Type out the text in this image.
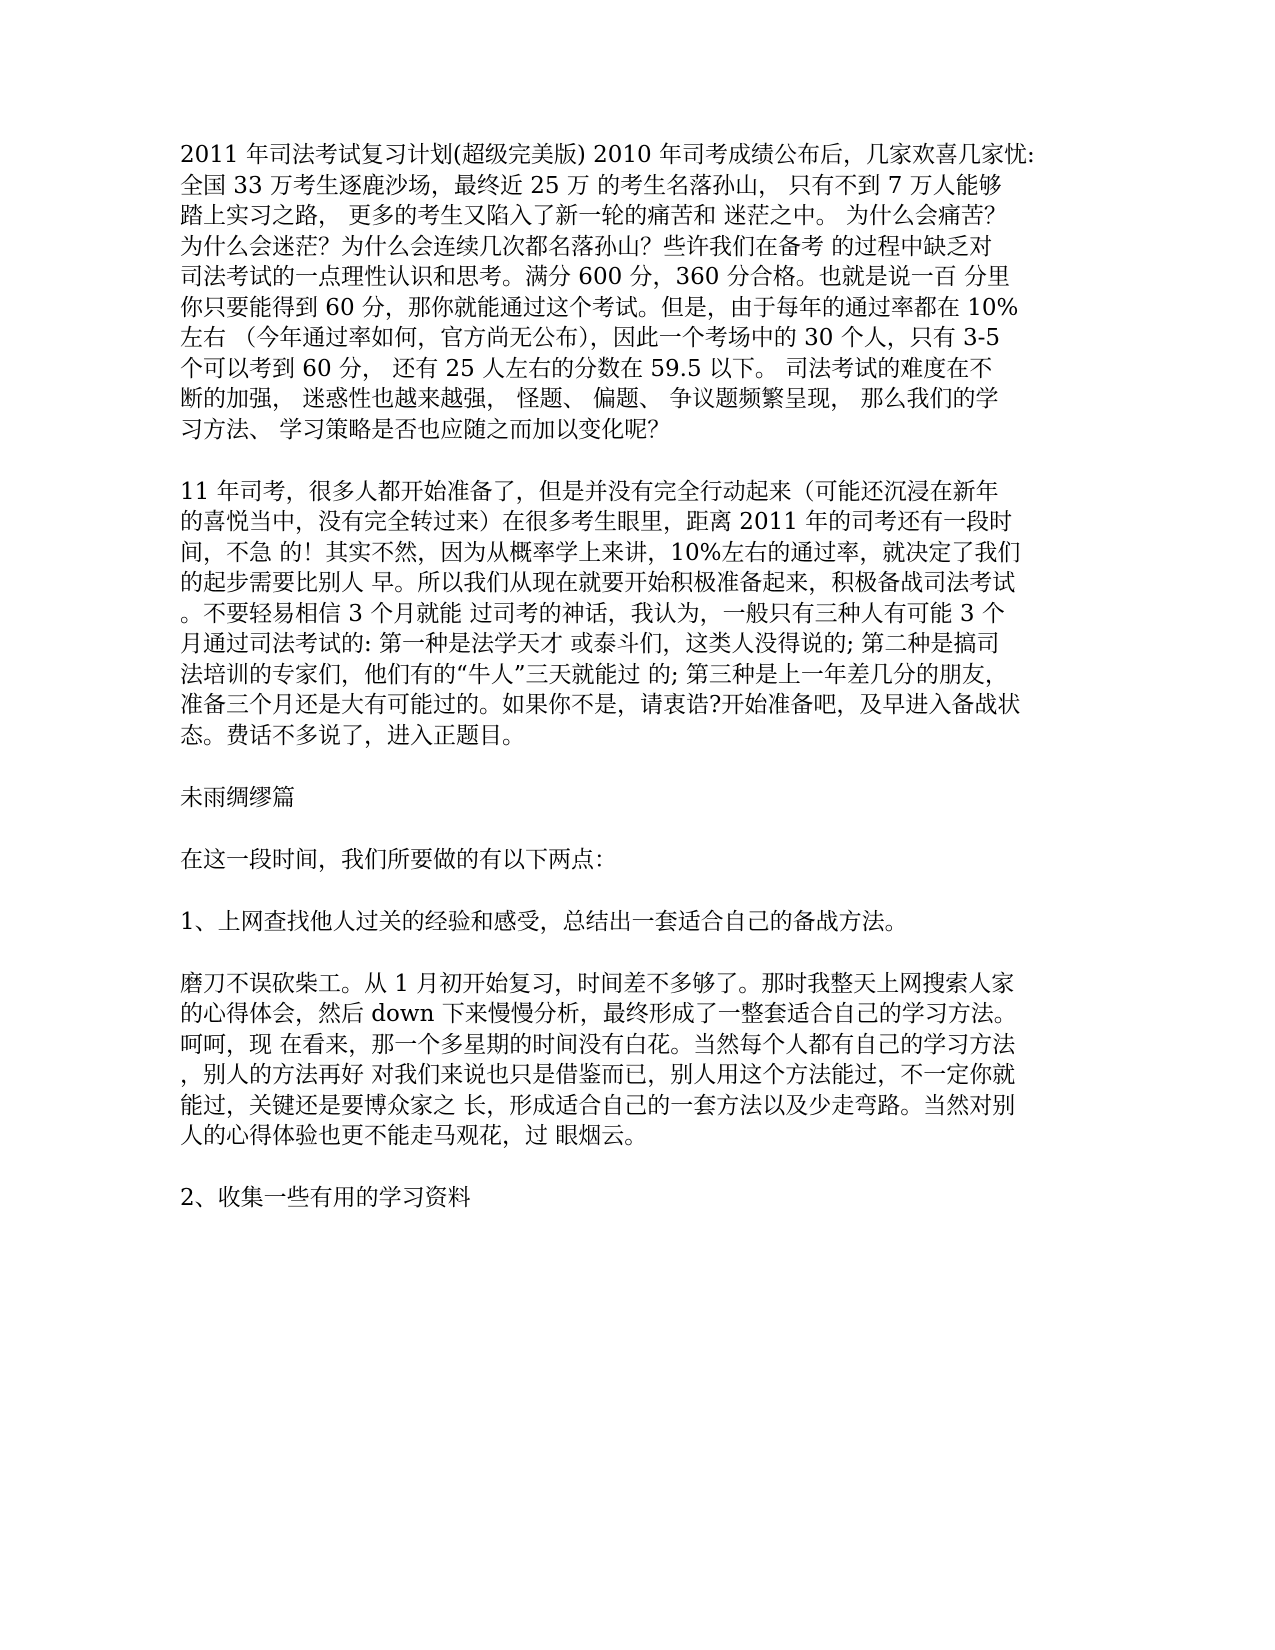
2011 年司法考试复习计划(超级完美版) 2010 年司考成绩公布后，几家欢喜几家忧:
全国 33 万考生逐鹿沙场，最终近 25 万 的考生名落孙山， 只有不到 7 万人能够
踏上实习之路， 更多的考生又陷入了新一轮的痛苦和 迷茫之中。 为什么会痛苦？
为什么会迷茫？为什么会连续几次都名落孙山？些许我们在备考 的过程中缺乏对
司法考试的一点理性认识和思考。满分 600 分，360 分合格。也就是说一百 分里
你只要能得到 60 分，那你就能通过这个考试。但是，由于每年的通过率都在 10%
左右 （今年通过率如何，官方尚无公布），因此一个考场中的 30 个人，只有 3-5
个可以考到 60 分， 还有 25 人左右的分数在 59.5 以下。 司法考试的难度在不
断的加强， 迷惑性也越来越强， 怪题、 偏题、 争议题频繁呈现， 那么我们的学
习方法、 学习策略是否也应随之而加以变化呢？
11 年司考，很多人都开始准备了，但是并没有完全行动起来（可能还沉浸在新年
的喜悦当中，没有完全转过来）在很多考生眼里，距离 2011 年的司考还有一段时
间，不急 的！其实不然，因为从概率学上来讲，10%左右的通过率，就决定了我们
的起步需要比别人 早。所以我们从现在就要开始积极准备起来，积极备战司法考试
。不要轻易相信 3 个月就能 过司考的神话，我认为，一般只有三种人有可能 3 个
月通过司法考试的: 第一种是法学天才 或泰斗们，这类人没得说的; 第二种是搞司
法培训的专家们，他们有的“牛人”三天就能过 的; 第三种是上一年差几分的朋友，
准备三个月还是大有可能过的。如果你不是，请衷诰?开始准备吧，及早进入备战状
态。费话不多说了，进入正题目。
未雨绸缪篇
在这一段时间，我们所要做的有以下两点：
1、上网查找他人过关的经验和感受，总结出一套适合自己的备战方法。
磨刀不误砍柴工。从 1 月初开始复习，时间差不多够了。那时我整天上网搜索人家
的心得体会，然后 down 下来慢慢分析，最终形成了一整套适合自己的学习方法。
呵呵，现 在看来，那一个多星期的时间没有白花。当然每个人都有自己的学习方法
，别人的方法再好 对我们来说也只是借鉴而已，别人用这个方法能过，不一定你就
能过，关键还是要博众家之 长，形成适合自己的一套方法以及少走弯路。当然对别
人的心得体验也更不能走马观花，过 眼烟云。
2、收集一些有用的学习资料
